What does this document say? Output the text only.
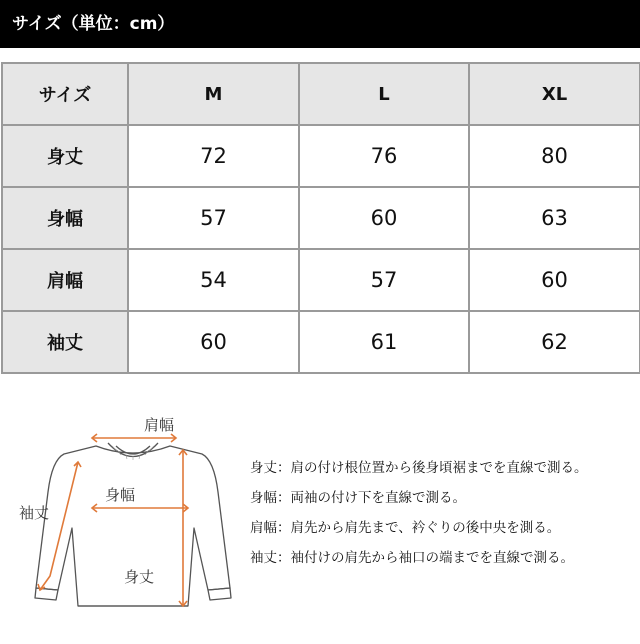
サイズ（単位：cm）
サイズ	M	L	XL
身丈	72	76	80
身幅	57	60	63
肩幅	54	57	60
袖丈	60	61	62
肩幅
身幅
袖丈
身丈
身丈：肩の付け根位置から後身頃裾までを直線で測る。
身幅：両袖の付け下を直線で測る。
肩幅：肩先から肩先まで、衿ぐりの後中央を測る。
袖丈：袖付けの肩先から袖口の端までを直線で測る。
